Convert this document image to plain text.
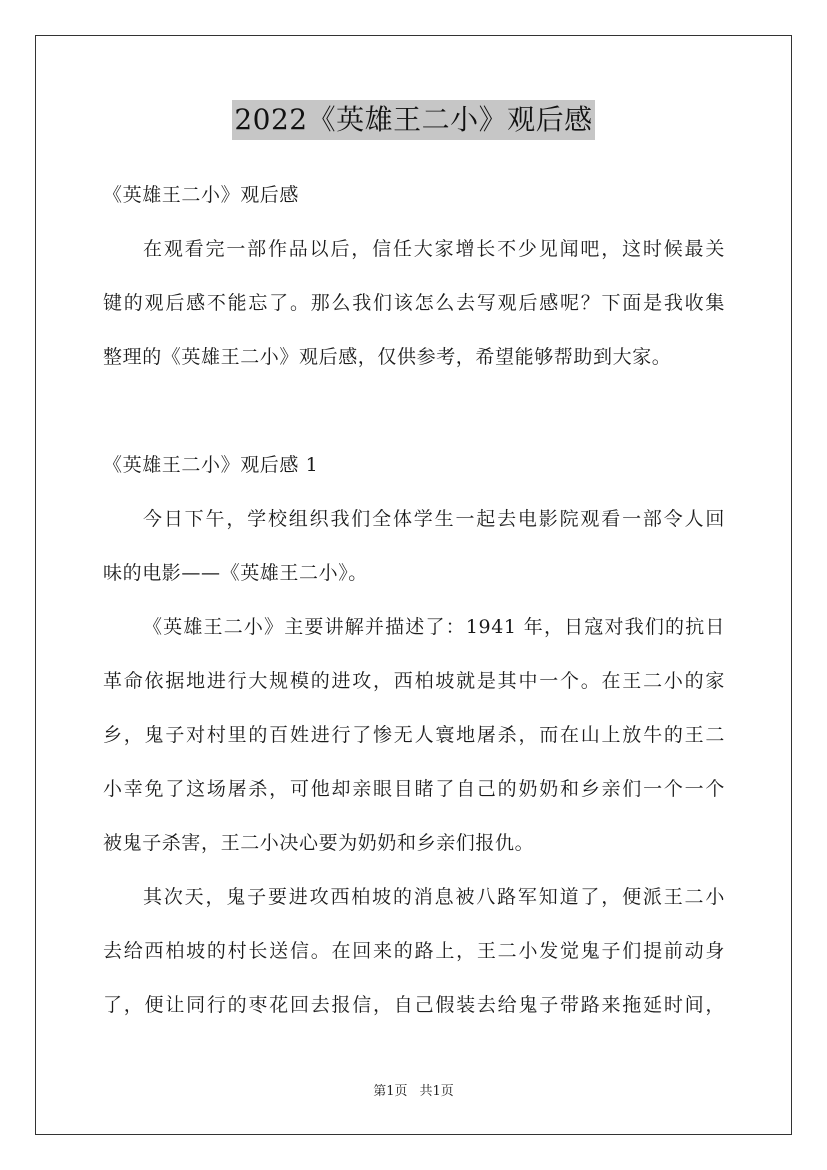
2022《英雄王二小》观后感
《英雄王二小》观后感
在观看完一部作品以后，信任大家增长不少见闻吧，这时候最关
键的观后感不能忘了。那么我们该怎么去写观后感呢？下面是我收集
整理的《英雄王二小》观后感，仅供参考，希望能够帮助到大家。
《英雄王二小》观后感 1
今日下午，学校组织我们全体学生一起去电影院观看一部令人回
味的电影——《英雄王二小》。
《英雄王二小》主要讲解并描述了：1941 年，日寇对我们的抗日
革命依据地进行大规模的进攻，西柏坡就是其中一个。在王二小的家
乡，鬼子对村里的百姓进行了惨无人寰地屠杀，而在山上放牛的王二
小幸免了这场屠杀，可他却亲眼目睹了自己的奶奶和乡亲们一个一个
被鬼子杀害，王二小决心要为奶奶和乡亲们报仇。
其次天，鬼子要进攻西柏坡的消息被八路军知道了，便派王二小
去给西柏坡的村长送信。在回来的路上，王二小发觉鬼子们提前动身
了，便让同行的枣花回去报信，自己假装去给鬼子带路来拖延时间，
第1页 共1页
